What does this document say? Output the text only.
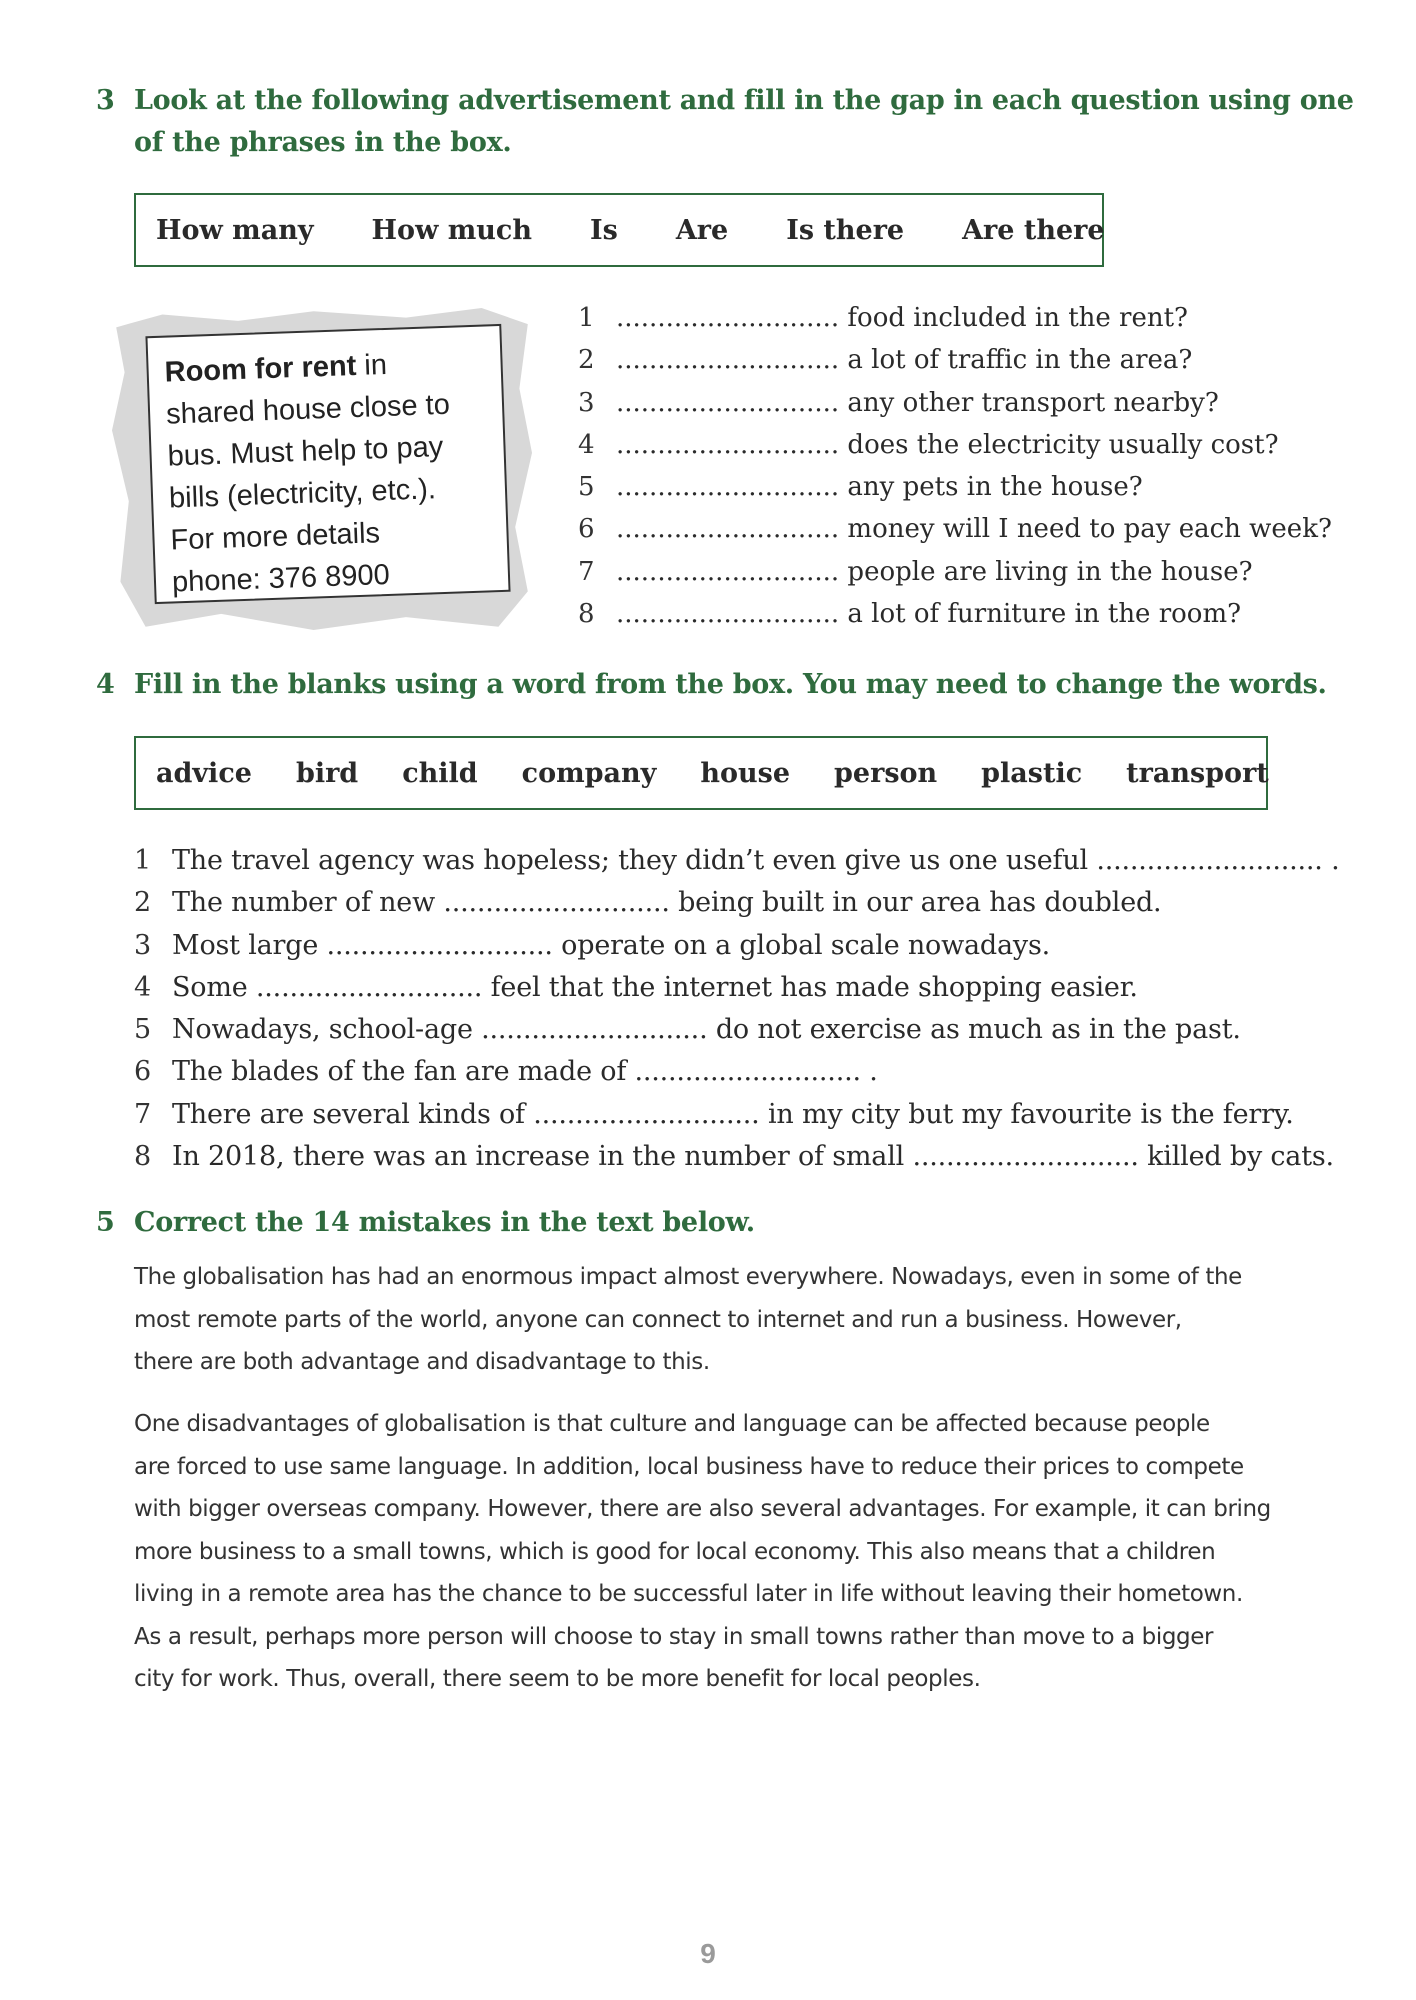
3 Look at the following advertisement and fill in the gap in each question using one of the phrases in the box.
How many How much Is Are Is there Are there
Room for rent in
shared house close to
bus. Must help to pay
bills (electricity, etc.).
For more details
phone: 376 8900
1 ........................... food included in the rent?
2 ........................... a lot of traffic in the area?
3 ........................... any other transport nearby?
4 ........................... does the electricity usually cost?
5 ........................... any pets in the house?
6 ........................... money will I need to pay each week?
7 ........................... people are living in the house?
8 ........................... a lot of furniture in the room?
4 Fill in the blanks using a word from the box. You may need to change the words.
advice bird child company house person plastic transport
1 The travel agency was hopeless; they didn’t even give us one useful ........................... .
2 The number of new ........................... being built in our area has doubled.
3 Most large ........................... operate on a global scale nowadays.
4 Some ........................... feel that the internet has made shopping easier.
5 Nowadays, school-age ........................... do not exercise as much as in the past.
6 The blades of the fan are made of ........................... .
7 There are several kinds of ........................... in my city but my favourite is the ferry.
8 In 2018, there was an increase in the number of small ........................... killed by cats.
5 Correct the 14 mistakes in the text below.
The globalisation has had an enormous impact almost everywhere. Nowadays, even in some of the
most remote parts of the world, anyone can connect to internet and run a business. However,
there are both advantage and disadvantage to this.
One disadvantages of globalisation is that culture and language can be affected because people
are forced to use same language. In addition, local business have to reduce their prices to compete
with bigger overseas company. However, there are also several advantages. For example, it can bring
more business to a small towns, which is good for local economy. This also means that a children
living in a remote area has the chance to be successful later in life without leaving their hometown.
As a result, perhaps more person will choose to stay in small towns rather than move to a bigger
city for work. Thus, overall, there seem to be more benefit for local peoples.
9
